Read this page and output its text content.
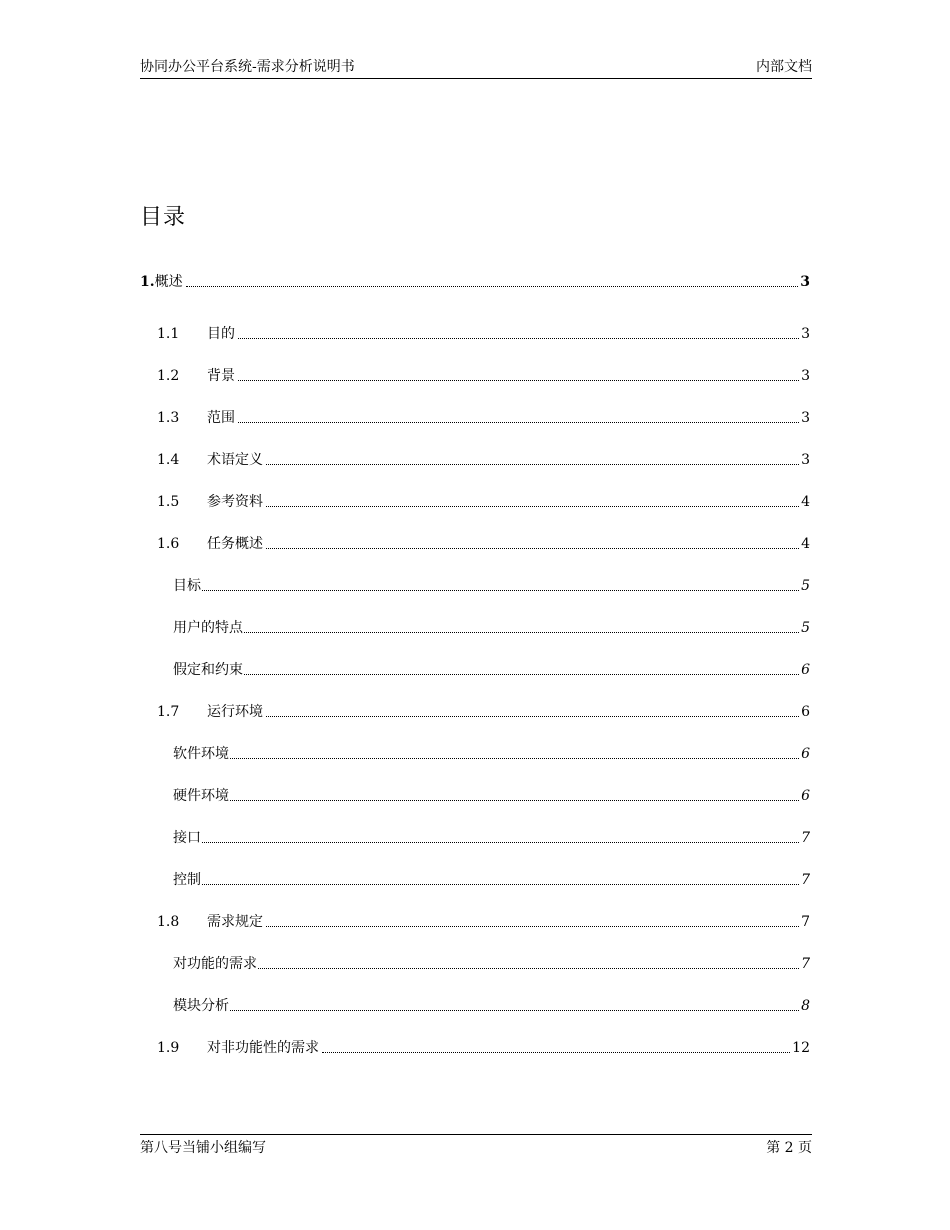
协同办公平台系统-需求分析说明书	内部文档
目录
1. 概述	3
1.1	目的	3
1.2	背景	3
1.3	范围	3
1.4	术语定义	3
1.5	参考资料	4
1.6	任务概述	4
目标	5
用户的特点	5
假定和约束	6
1.7	运行环境	6
软件环境	6
硬件环境	6
接口	7
控制	7
1.8	需求规定	7
对功能的需求	7
模块分析	8
1.9	对非功能性的需求	12
第八号当铺小组编写	第 2 页
